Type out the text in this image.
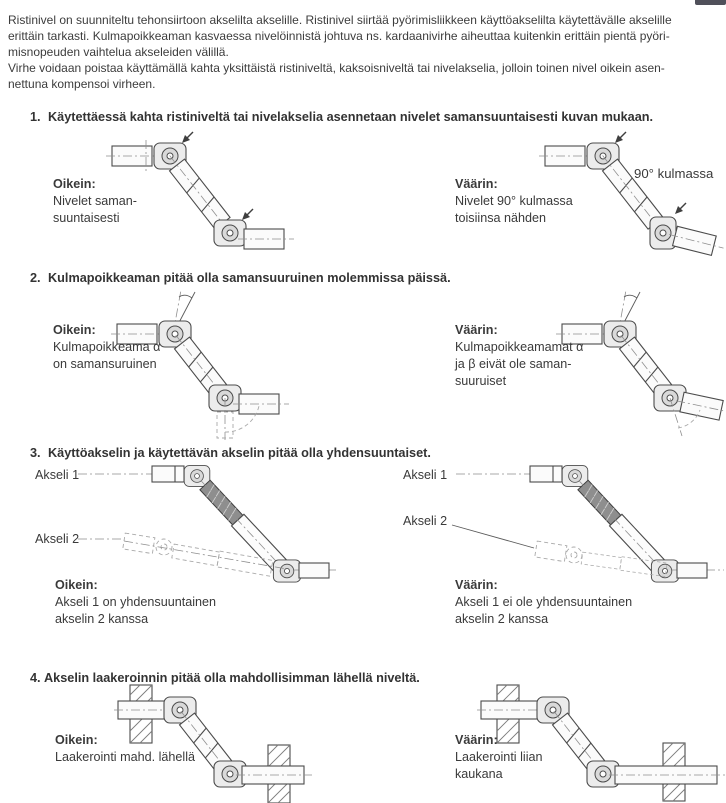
Ristinivel on suunniteltu tehonsiirtoon akselilta akselille. Ristinivel siirtää pyörimisliikkeen käyttöakselilta käytettävälle akselille
erittäin tarkasti. Kulmapoikkeaman kasvaessa nivelöinnistä johtuva ns. kardaanivirhe aiheuttaa kuitenkin erittäin pientä pyöri-
misnopeuden vaihtelua akseleiden välillä.
Virhe voidaan poistaa käyttämällä kahta yksittäistä ristiniveltä, kaksoisniveltä tai nivelakselia, jolloin toinen nivel oikein asen-
nettuna kompensoi virheen.
1. Käytettäessä kahta ristiniveltä tai nivelakselia asennetaan nivelet samansuuntaisesti kuvan mukaan.
2. Kulmapoikkeaman pitää olla samansuuruinen molemmissa päissä.
3. Käyttöakselin ja käytettävän akselin pitää olla yhdensuuntaiset.
4. Akselin laakeroinnin pitää olla mahdollisimman lähellä niveltä.
Oikein:
Nivelet saman-
suuntaisesti
Väärin:
Nivelet 90° kulmassa
toisiinsa nähden
90° kulmassa
Oikein:
Kulmapoikkeama α
on samansuruinen
Väärin:
Kulmapoikkeamamat α
ja β eivät ole saman-
suuruiset
Akseli 1
Akseli 2
Akseli 1
Akseli 2
Oikein:
Akseli 1 on yhdensuuntainen
akselin 2 kanssa
Väärin:
Akseli 1 ei ole yhdensuuntainen
akselin 2 kanssa
Oikein:
Laakerointi mahd. lähellä
Väärin:
Laakerointi liian
kaukana
